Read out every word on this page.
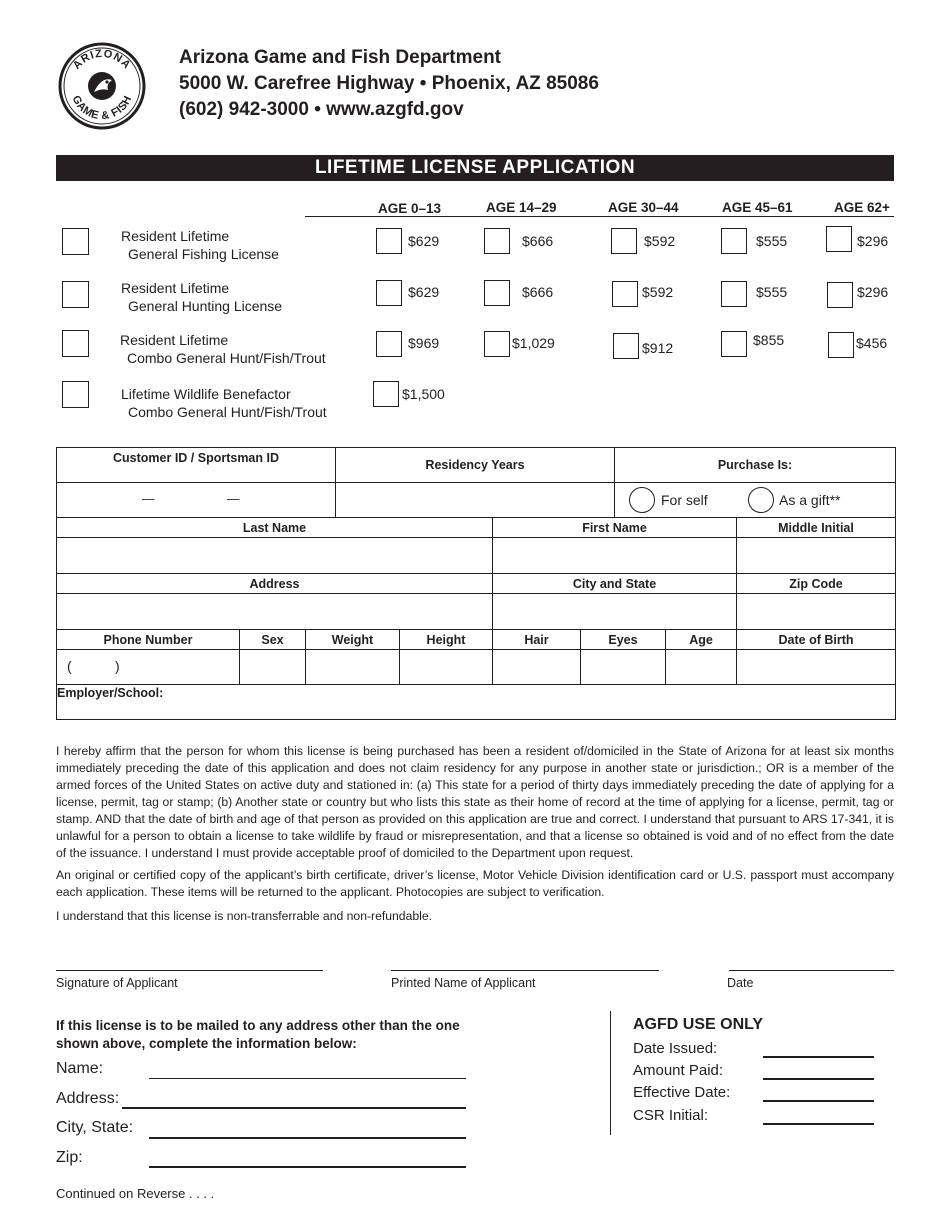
ARIZONA
GAME & FISH
Arizona Game and Fish Department
5000 W. Carefree Highway • Phoenix, AZ 85086
(602) 942-3000 • www.azgfd.gov
LIFETIME LICENSE APPLICATION
AGE 0–13	AGE 14–29	AGE 30–44	AGE 45–61	AGE 62+
Resident Lifetime
General Fishing License
$629	$666	$592	$555	$296
Resident Lifetime
General Hunting License
$629	$666	$592	$555	$296
Resident Lifetime
Combo General Hunt/Fish/Trout
$969	$1,029	$912	$855	$456
Lifetime Wildlife Benefactor
Combo General Hunt/Fish/Trout
$1,500
Customer ID / Sportsman ID	Residency Years	Purchase Is:

— —		For self As a gift**
Last Name	First Name	Middle Initial

Address	City and State	Zip Code

Phone Number	Sex	Weight	Height	Hair	Eyes	Age	Date of Birth

( )							

Employer/School:							
I hereby affirm that the person for whom this license is being purchased has been a resident of/domiciled in the State of Arizona for at least six months immediately preceding the date of this application and does not claim residency for any purpose in another state or jurisdiction.; OR is a member of the armed forces of the United States on active duty and stationed in: (a) This state for a period of thirty days immediately preceding the date of applying for a license, permit, tag or stamp; (b) Another state or country but who lists this state as their home of record at the time of applying for a license, permit, tag or stamp. AND that the date of birth and age of that person as provided on this application are true and correct. I understand that pursuant to ARS 17-341, it is unlawful for a person to obtain a license to take wildlife by fraud or misrepresentation, and that a license so obtained is void and of no effect from the date of the issuance. I understand I must provide acceptable proof of domiciled to the Department upon request.
An original or certified copy of the applicant’s birth certificate, driver’s license, Motor Vehicle Division identification card or U.S. passport must accompany each application. These items will be returned to the applicant. Photocopies are subject to verification.
I understand that this license is non-transferrable and non-refundable.
Signature of Applicant	Printed Name of Applicant	Date
If this license is to be mailed to any address other than the one shown above, complete the information below:
Name:
Address:
City, State:
Zip:
AGFD USE ONLY
Date Issued:
Amount Paid:
Effective Date:
CSR Initial:
Continued on Reverse . . . .
